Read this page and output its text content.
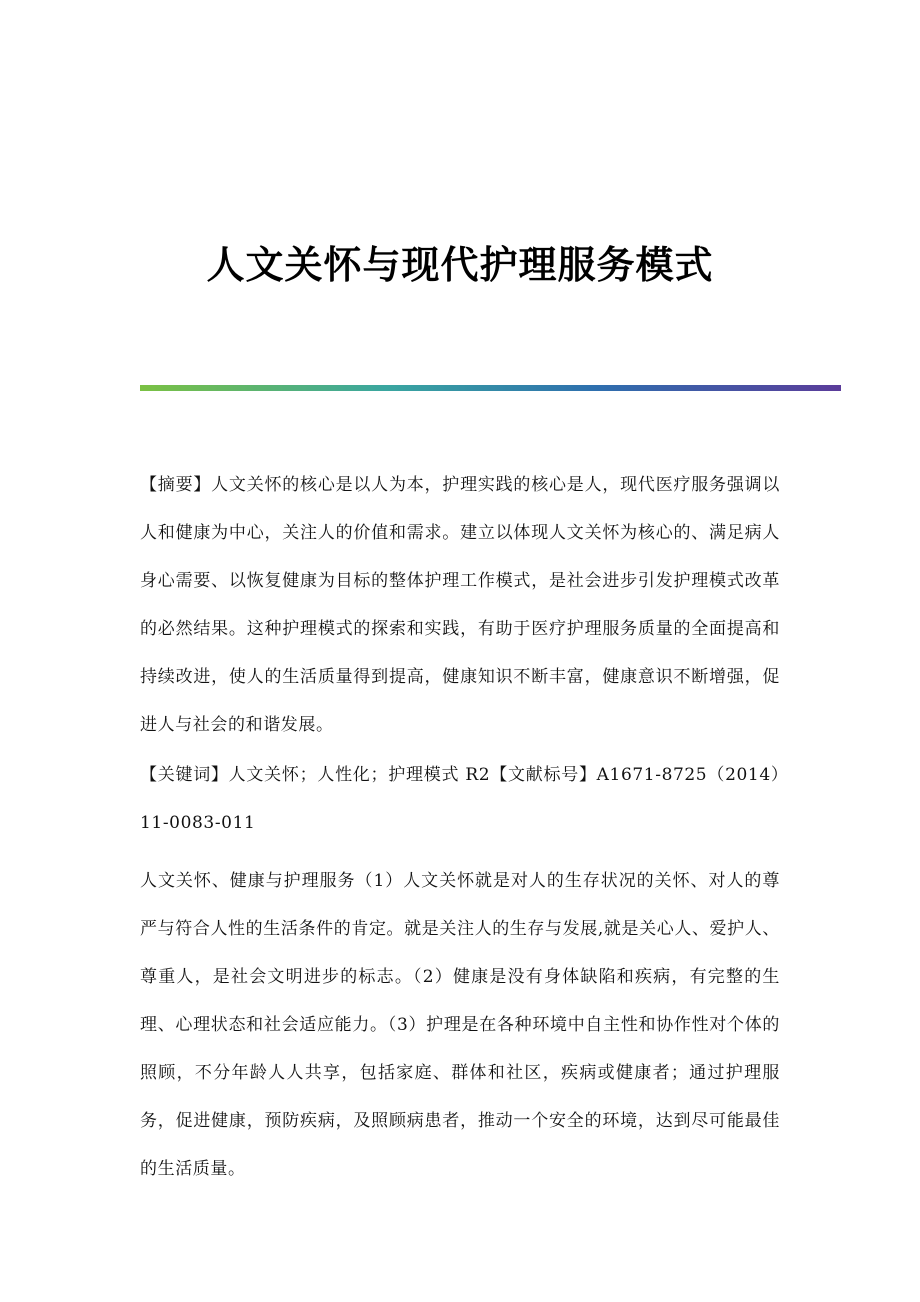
人文关怀与现代护理服务模式

【摘要】人文关怀的核心是以人为本，护理实践的核心是人，现代医疗服务强调以人和健康为中心，关注人的价值和需求。建立以体现人文关怀为核心的、满足病人身心需要、以恢复健康为目标的整体护理工作模式，是社会进步引发护理模式改革的必然结果。这种护理模式的探索和实践，有助于医疗护理服务质量的全面提高和持续改进，使人的生活质量得到提高，健康知识不断丰富，健康意识不断增强，促进人与社会的和谐发展。

【关键词】人文关怀；人性化；护理模式 R2【文献标号】A1671-8725（2014）11-0083-011

人文关怀、健康与护理服务（1）人文关怀就是对人的生存状况的关怀、对人的尊严与符合人性的生活条件的肯定。就是关注人的生存与发展,就是关心人、爱护人、尊重人，是社会文明进步的标志。（2）健康是没有身体缺陷和疾病，有完整的生理、心理状态和社会适应能力。（3）护理是在各种环境中自主性和协作性对个体的照顾，不分年龄人人共享，包括家庭、群体和社区，疾病或健康者；通过护理服务，促进健康，预防疾病，及照顾病患者，推动一个安全的环境，达到尽可能最佳的生活质量。
